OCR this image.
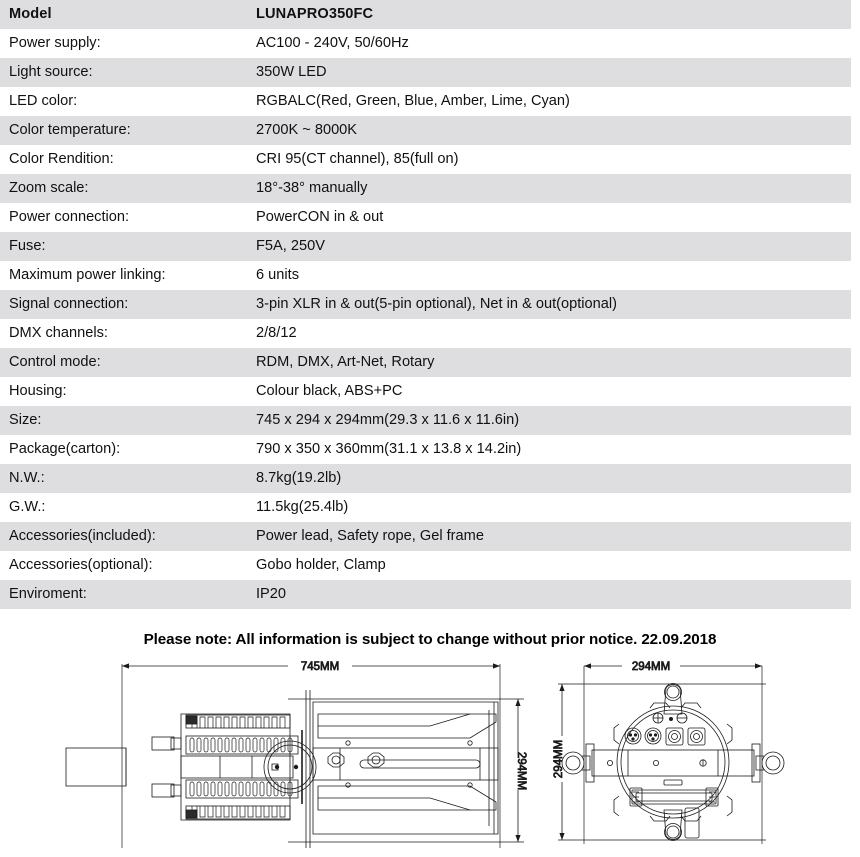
Model	LUNAPRO350FC
Power supply:	AC100 - 240V, 50/60Hz
Light source:	350W LED
LED color:	RGBALC(Red, Green, Blue, Amber, Lime, Cyan)
Color temperature:	2700K ~ 8000K
Color Rendition:	CRI 95(CT channel), 85(full on)
Zoom scale:	18°-38° manually
Power connection:	PowerCON in & out
Fuse:	F5A, 250V
Maximum power linking:	6 units
Signal connection:	3-pin XLR in & out(5-pin optional), Net in & out(optional)
DMX channels:	2/8/12
Control mode:	RDM, DMX, Art-Net, Rotary
Housing:	Colour black, ABS+PC
Size:	745 x 294 x 294mm(29.3 x 11.6 x 11.6in)
Package(carton):	790 x 350 x 360mm(31.1 x 13.8 x 14.2in)
N.W.:	8.7kg(19.2lb)
G.W.:	11.5kg(25.4lb)
Accessories(included):	Power lead, Safety rope, Gel frame
Accessories(optional):	Gobo holder, Clamp
Enviroment:	IP20

Please note: All information is subject to change without prior notice. 22.09.2018

745MM
294MM
294MM
294MM
